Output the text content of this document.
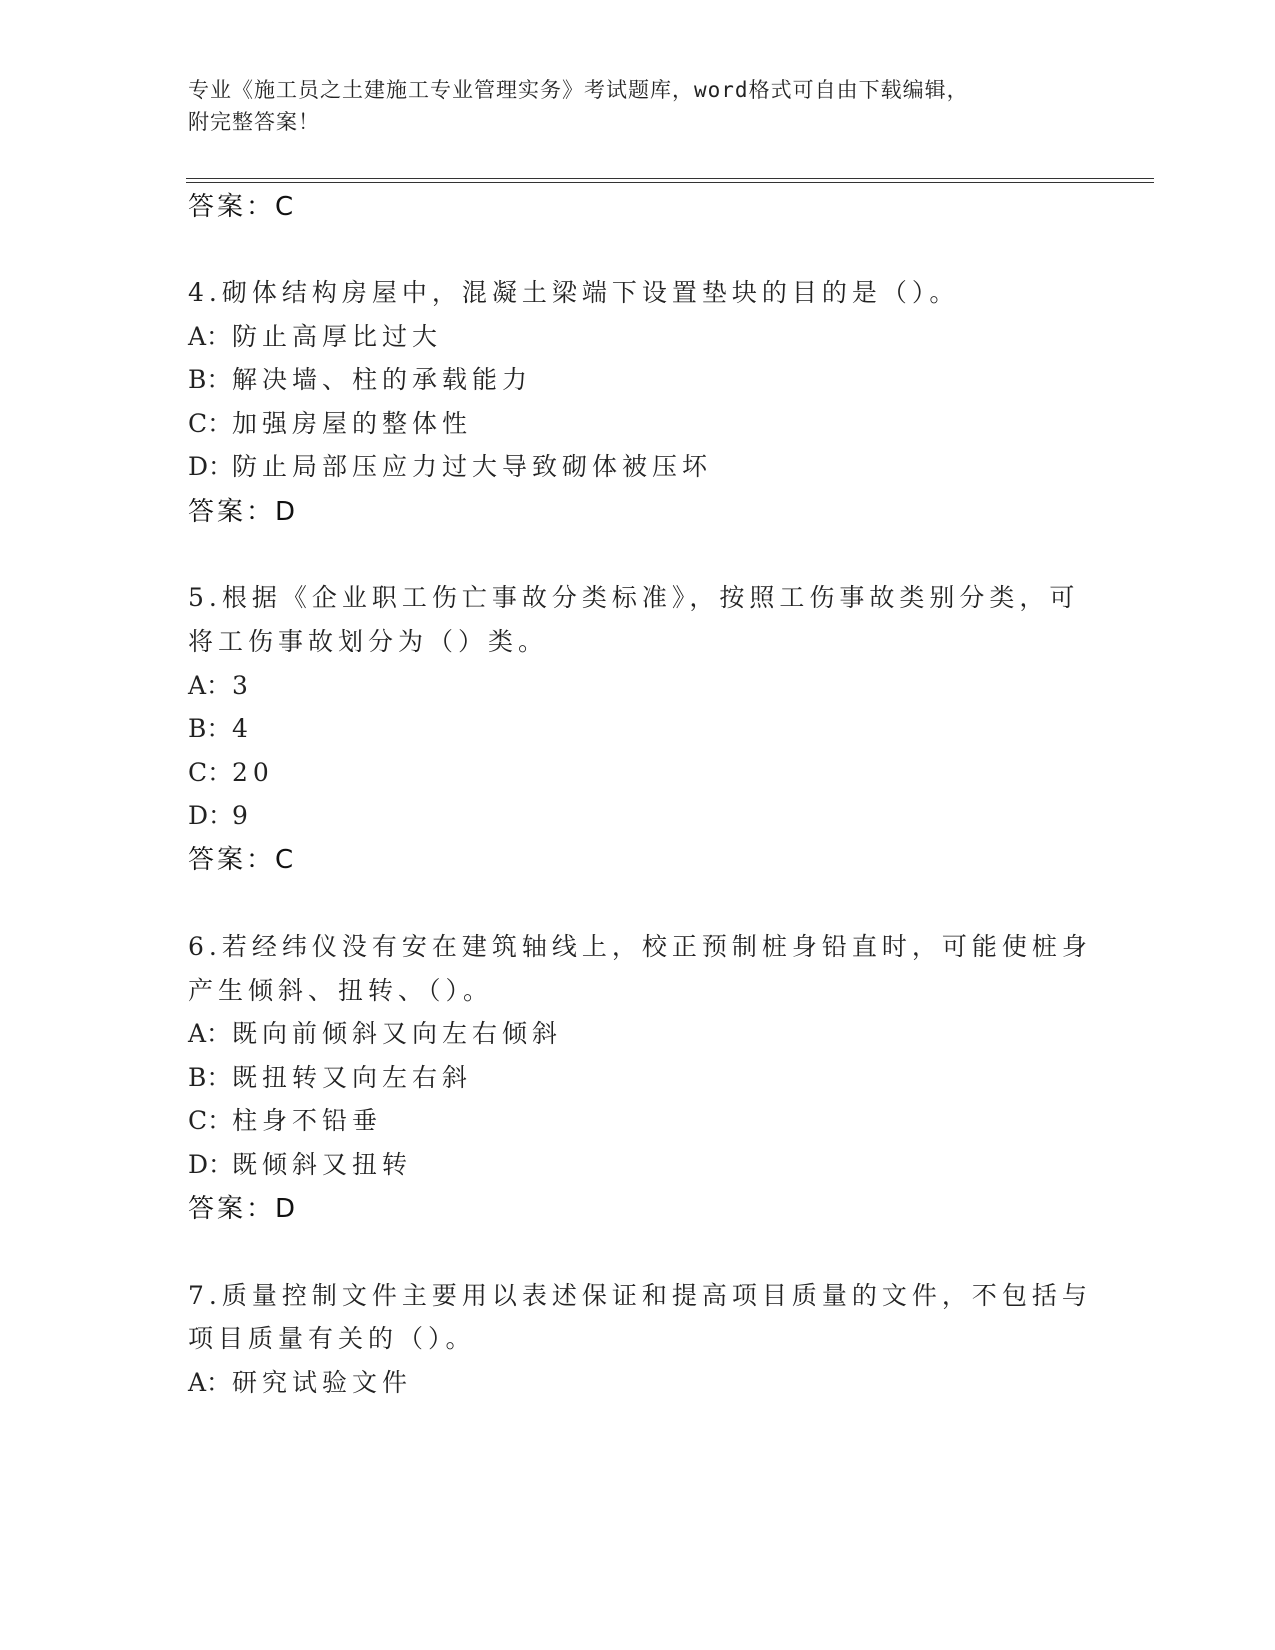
专业《施工员之土建施工专业管理实务》考试题库，word格式可自由下载编辑，
附完整答案！
答案：C
4.砌体结构房屋中，混凝土梁端下设置垫块的目的是（）。
A：防止高厚比过大
B：解决墙、柱的承载能力
C：加强房屋的整体性
D：防止局部压应力过大导致砌体被压坏
答案：D
5.根据《企业职工伤亡事故分类标准》，按照工伤事故类别分类，可
将工伤事故划分为（）类。
A：3
B：4
C：20
D：9
答案：C
6.若经纬仪没有安在建筑轴线上，校正预制桩身铅直时，可能使桩身
产生倾斜、扭转、（）。
A：既向前倾斜又向左右倾斜
B：既扭转又向左右斜
C：柱身不铅垂
D：既倾斜又扭转
答案：D
7.质量控制文件主要用以表述保证和提高项目质量的文件，不包括与
项目质量有关的（）。
A：研究试验文件
